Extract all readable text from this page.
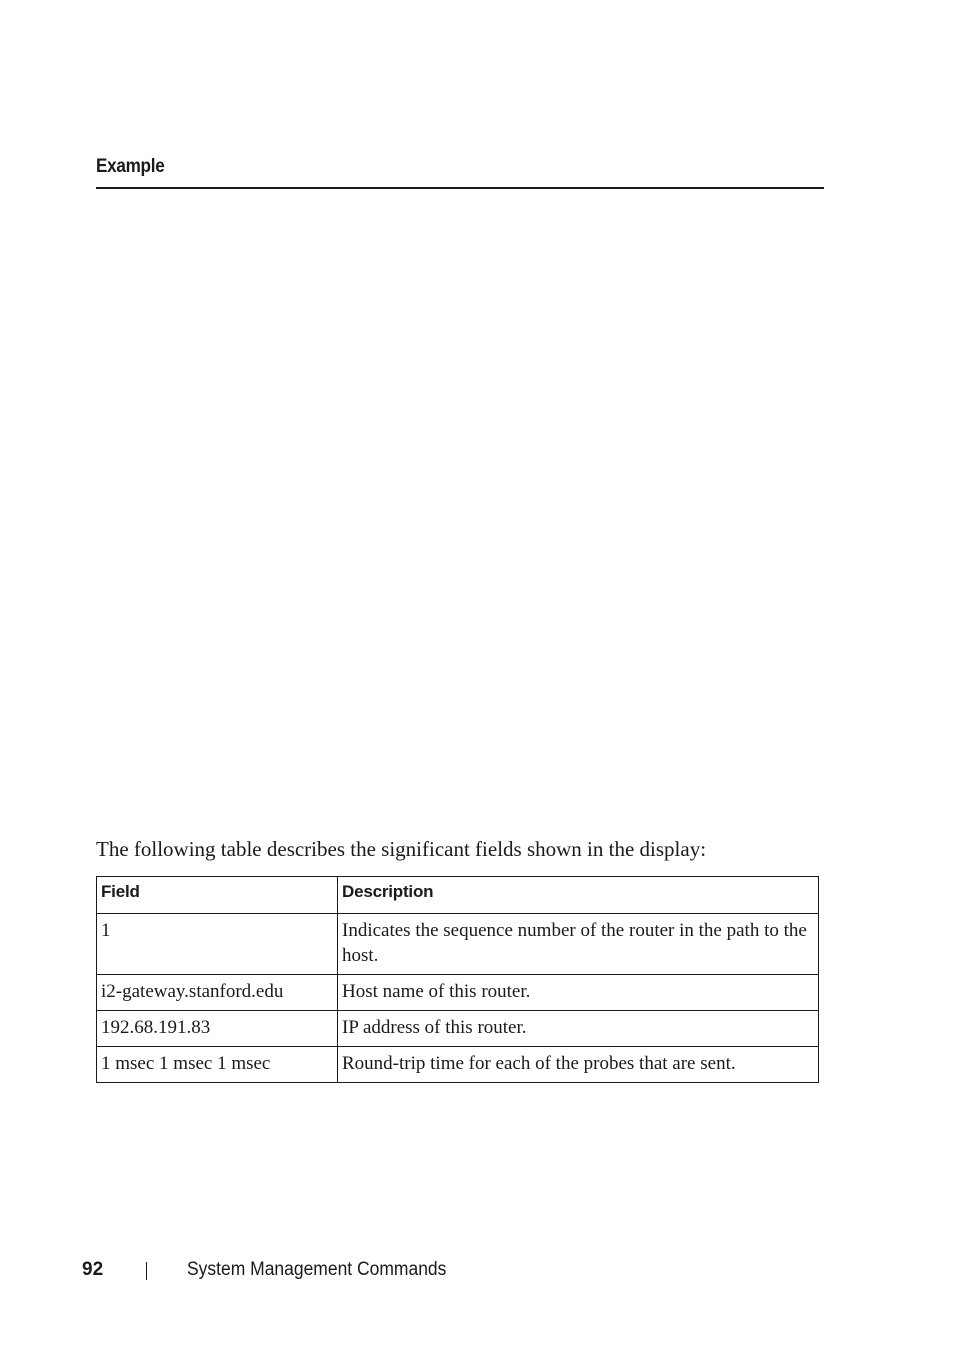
Example
The following table describes the significant fields shown in the display:
Field	Description
1	Indicates the sequence number of the router in the path to the host.
i2-gateway.stanford.edu	Host name of this router.
192.68.191.83	IP address of this router.
1 msec 1 msec 1 msec	Round-trip time for each of the probes that are sent.
92	System Management Commands
